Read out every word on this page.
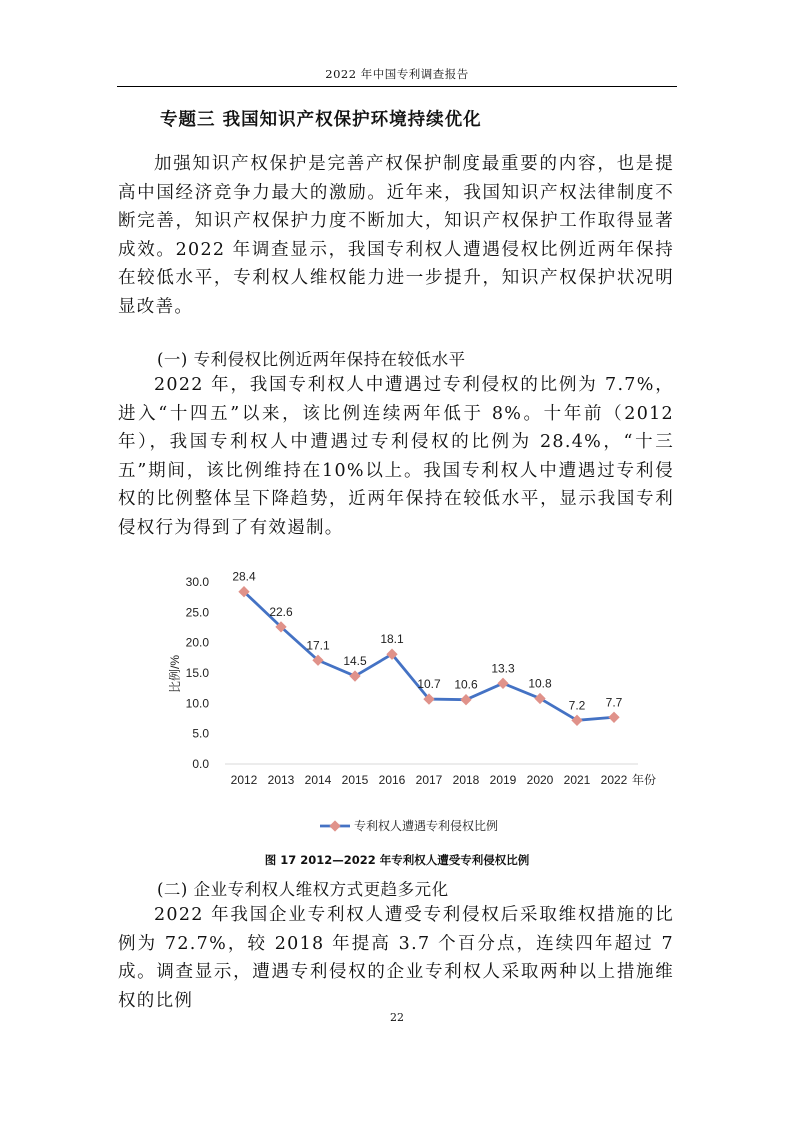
2022 年中国专利调查报告
专题三 我国知识产权保护环境持续优化

加强知识产权保护是完善产权保护制度最重要的内容，也是提高中国经济竞争力最大的激励。近年来，我国知识产权法律制度不断完善，知识产权保护力度不断加大，知识产权保护工作取得显著成效。2022 年调查显示，我国专利权人遭遇侵权比例近两年保持在较低水平，专利权人维权能力进一步提升，知识产权保护状况明显改善。

(一) 专利侵权比例近两年保持在较低水平

2022 年，我国专利权人中遭遇过专利侵权的比例为 7.7%，进入“十四五”以来，该比例连续两年低于 8%。十年前（2012 年），我国专利权人中遭遇过专利侵权的比例为 28.4%，“十三五”期间，该比例维持在10%以上。我国专利权人中遭遇过专利侵权的比例整体呈下降趋势，近两年保持在较低水平，显示我国专利侵权行为得到了有效遏制。

0.0
5.0
10.0
15.0
20.0
25.0
30.0
比例/%
2012 2013 2014 2015 2016 2017 2018 2019 2020 2021 2022 年份
28.4
22.6
17.1
14.5
18.1
10.7 10.6
13.3
10.8
7.2 7.7
专利权人遭遇专利侵权比例
图 17 2012—2022 年专利权人遭受专利侵权比例
(二) 企业专利权人维权方式更趋多元化

2022 年我国企业专利权人遭受专利侵权后采取维权措施的比例为 72.7%，较 2018 年提高 3.7 个百分点，连续四年超过 7 成。调查显示，遭遇专利侵权的企业专利权人采取两种以上措施维权的比例

22
